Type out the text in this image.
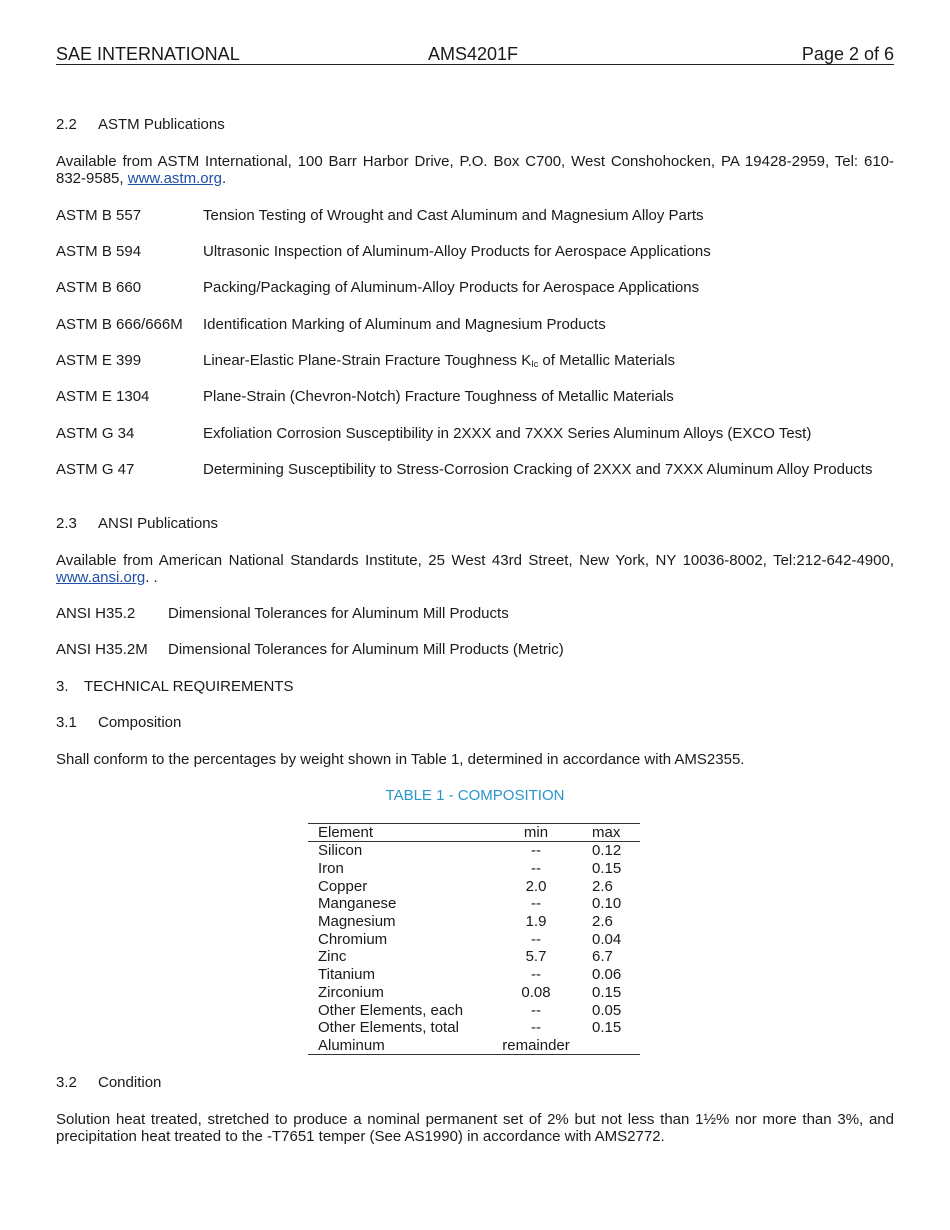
SAE INTERNATIONAL	AMS4201F	Page 2 of 6
2.2 ASTM Publications
Available from ASTM International, 100 Barr Harbor Drive, P.O. Box C700, West Conshohocken, PA 19428-2959, Tel: 610-832-9585, www.astm.org.
ASTM B 557	Tension Testing of Wrought and Cast Aluminum and Magnesium Alloy Parts
ASTM B 594	Ultrasonic Inspection of Aluminum-Alloy Products for Aerospace Applications
ASTM B 660	Packing/Packaging of Aluminum-Alloy Products for Aerospace Applications
ASTM B 666/666M Identification Marking of Aluminum and Magnesium Products
ASTM E 399	Linear-Elastic Plane-Strain Fracture Toughness $K_{Ic}$ of Metallic Materials
ASTM E 1304	Plane-Strain (Chevron-Notch) Fracture Toughness of Metallic Materials
ASTM G 34	Exfoliation Corrosion Susceptibility in 2XXX and 7XXX Series Aluminum Alloys (EXCO Test)
ASTM G 47	Determining Susceptibility to Stress-Corrosion Cracking of 2XXX and 7XXX Aluminum Alloy Products
2.3 ANSI Publications
Available from American National Standards Institute, 25 West 43rd Street, New York, NY 10036-8002, Tel:212-642-4900, www.ansi.org. .
ANSI H35.2 Dimensional Tolerances for Aluminum Mill Products
ANSI H35.2M Dimensional Tolerances for Aluminum Mill Products (Metric)
3. TECHNICAL REQUIREMENTS
3.1 Composition
Shall conform to the percentages by weight shown in Table 1, determined in accordance with AMS2355.
TABLE 1 - COMPOSITION
Element	min	max
Silicon	--	0.12
Iron	--	0.15
Copper	2.0	2.6
Manganese	--	0.10
Magnesium	1.9	2.6
Chromium	--	0.04
Zinc	5.7	6.7
Titanium	--	0.06
Zirconium	0.08	0.15
Other Elements, each	--	0.05
Other Elements, total	--	0.15
Aluminum	remainder	
3.2 Condition
Solution heat treated, stretched to produce a nominal permanent set of 2% but not less than 1½% nor more than 3%, and precipitation heat treated to the -T7651 temper (See AS1990) in accordance with AMS2772.
